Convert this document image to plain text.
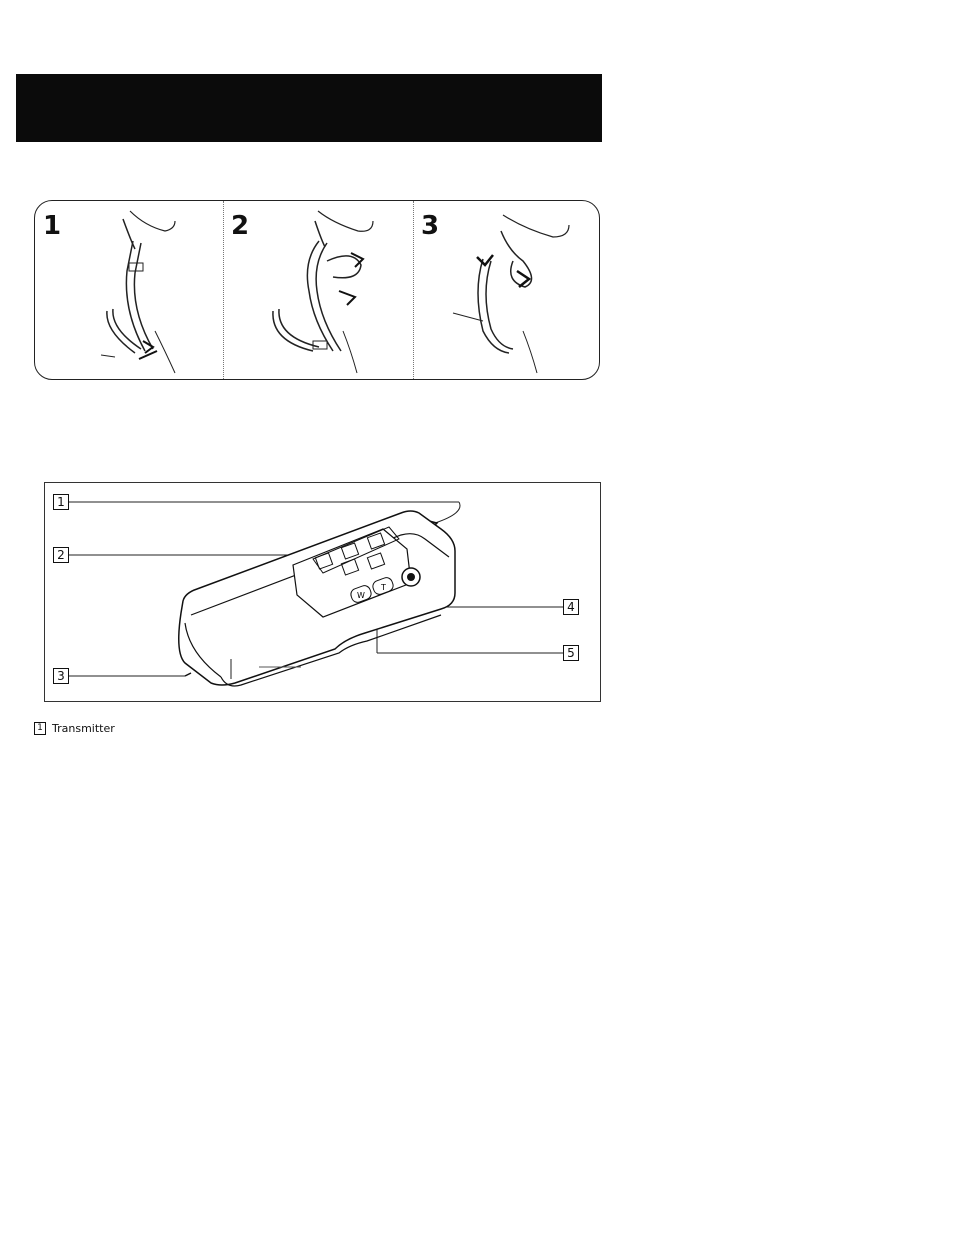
1	2	3
W
T
1
2
3
4
5
1 Transmitter
